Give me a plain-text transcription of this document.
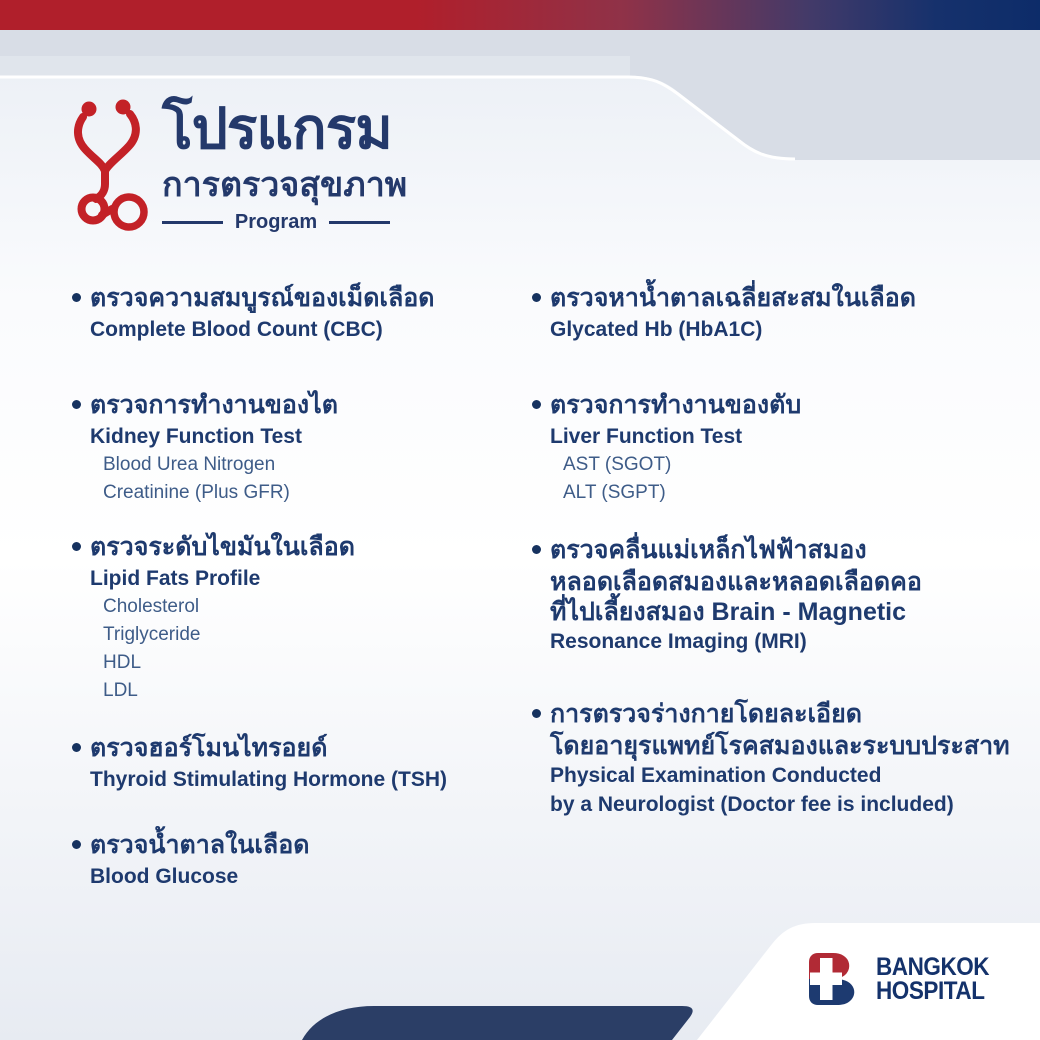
โปรแกรม
การตรวจสุขภาพ
Program
ตรวจความสมบูรณ์ของเม็ดเลือด
Complete Blood Count (CBC)
ตรวจการทำงานของไต
Kidney Function Test
Blood Urea Nitrogen
Creatinine (Plus GFR)
ตรวจระดับไขมันในเลือด
Lipid Fats Profile
Cholesterol
Triglyceride
HDL
LDL
ตรวจฮอร์โมนไทรอยด์
Thyroid Stimulating Hormone (TSH)
ตรวจน้ำตาลในเลือด
Blood Glucose
ตรวจหาน้ำตาลเฉลี่ยสะสมในเลือด
Glycated Hb (HbA1C)
ตรวจการทำงานของตับ
Liver Function Test
AST (SGOT)
ALT (SGPT)
ตรวจคลื่นแม่เหล็กไฟฟ้าสมอง
หลอดเลือดสมองและหลอดเลือดคอ
ที่ไปเลี้ยงสมอง Brain - Magnetic
Resonance Imaging (MRI)
การตรวจร่างกายโดยละเอียด
โดยอายุรแพทย์โรคสมองและระบบประสาท
Physical Examination Conducted
by a Neurologist (Doctor fee is included)
BANGKOK
HOSPITAL
